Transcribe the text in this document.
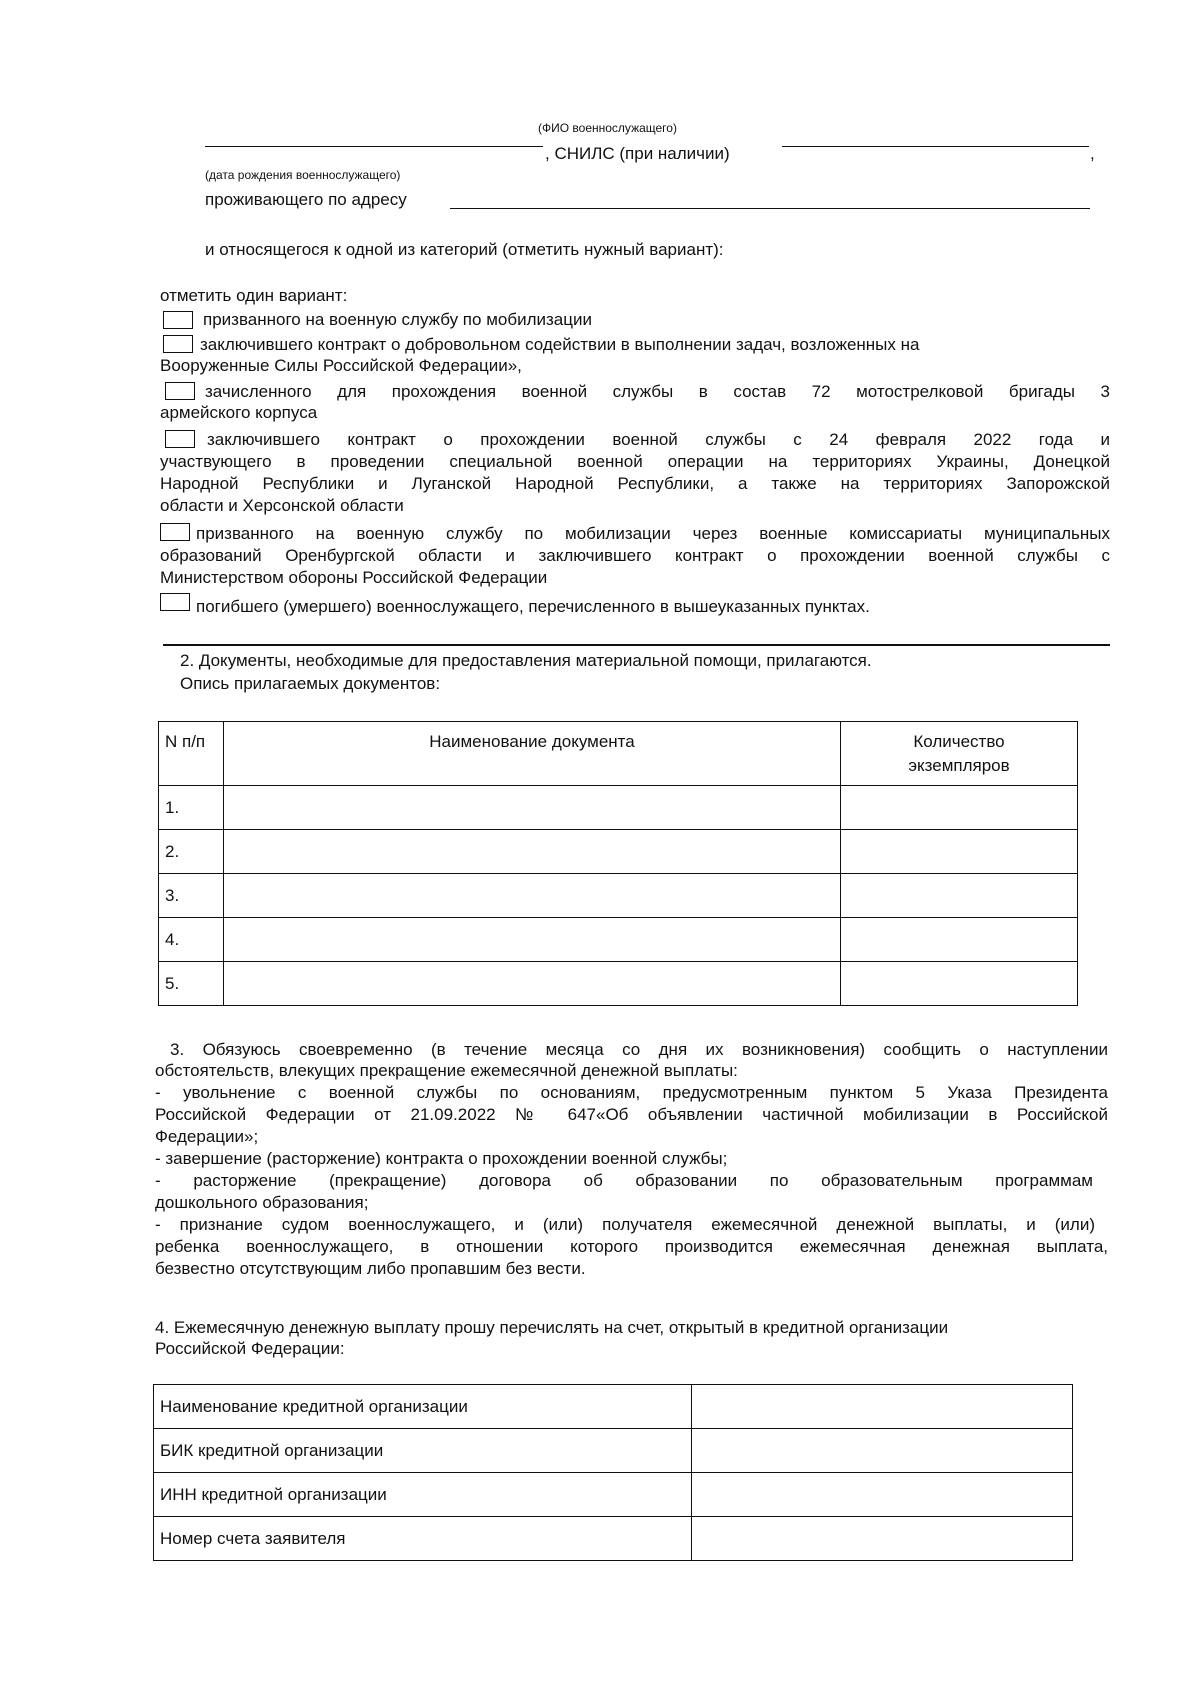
(ФИО военнослужащего)
, СНИЛС (при наличии)	,
(дата рождения военнослужащего)
проживающего по адресу
и относящегося к одной из категорий (отметить нужный вариант):
отметить один вариант:
призванного на военную службу по мобилизации
заключившего контракт о добровольном содействии в выполнении задач, возложенных на
Вооруженные Силы Российской Федерации»,
зачисленного для прохождения военной службы в состав 72 мотострелковой бригады 3
армейского корпуса
заключившего контракт о прохождении военной службы с 24 февраля 2022 года и
участвующего в проведении специальной военной операции на территориях Украины, Донецкой
Народной Республики и Луганской Народной Республики, а также на территориях Запорожской
области и Херсонской области
призванного на военную службу по мобилизации через военные комиссариаты муниципальных
образований Оренбургской области и заключившего контракт о прохождении военной службы с
Министерством обороны Российской Федерации
погибшего (умершего) военнослужащего, перечисленного в вышеуказанных пунктах.
2. Документы, необходимые для предоставления материальной помощи, прилагаются.
Опись прилагаемых документов:
N п/п	Наименование документа	Количество
экземпляров

1.		
2.		
3.		
4.		
5.		
3. Обязуюсь своевременно (в течение месяца со дня их возникновения) сообщить о наступлении
обстоятельств, влекущих прекращение ежемесячной денежной выплаты:
- увольнение с военной службы по основаниям, предусмотренным пунктом 5 Указа Президента
Российской Федерации от 21.09.2022 № 647«Об объявлении частичной мобилизации в Российской
Федерации»;
- завершение (расторжение) контракта о прохождении военной службы;
- расторжение (прекращение) договора об образовании по образовательным программам
дошкольного образования;
- признание судом военнослужащего, и (или) получателя ежемесячной денежной выплаты, и (или)
ребенка военнослужащего, в отношении которого производится ежемесячная денежная выплата,
безвестно отсутствующим либо пропавшим без вести.
4. Ежемесячную денежную выплату прошу перечислять на счет, открытый в кредитной организации
Российской Федерации:
Наименование кредитной организации	
БИК кредитной организации	
ИНН кредитной организации	
Номер счета заявителя	
